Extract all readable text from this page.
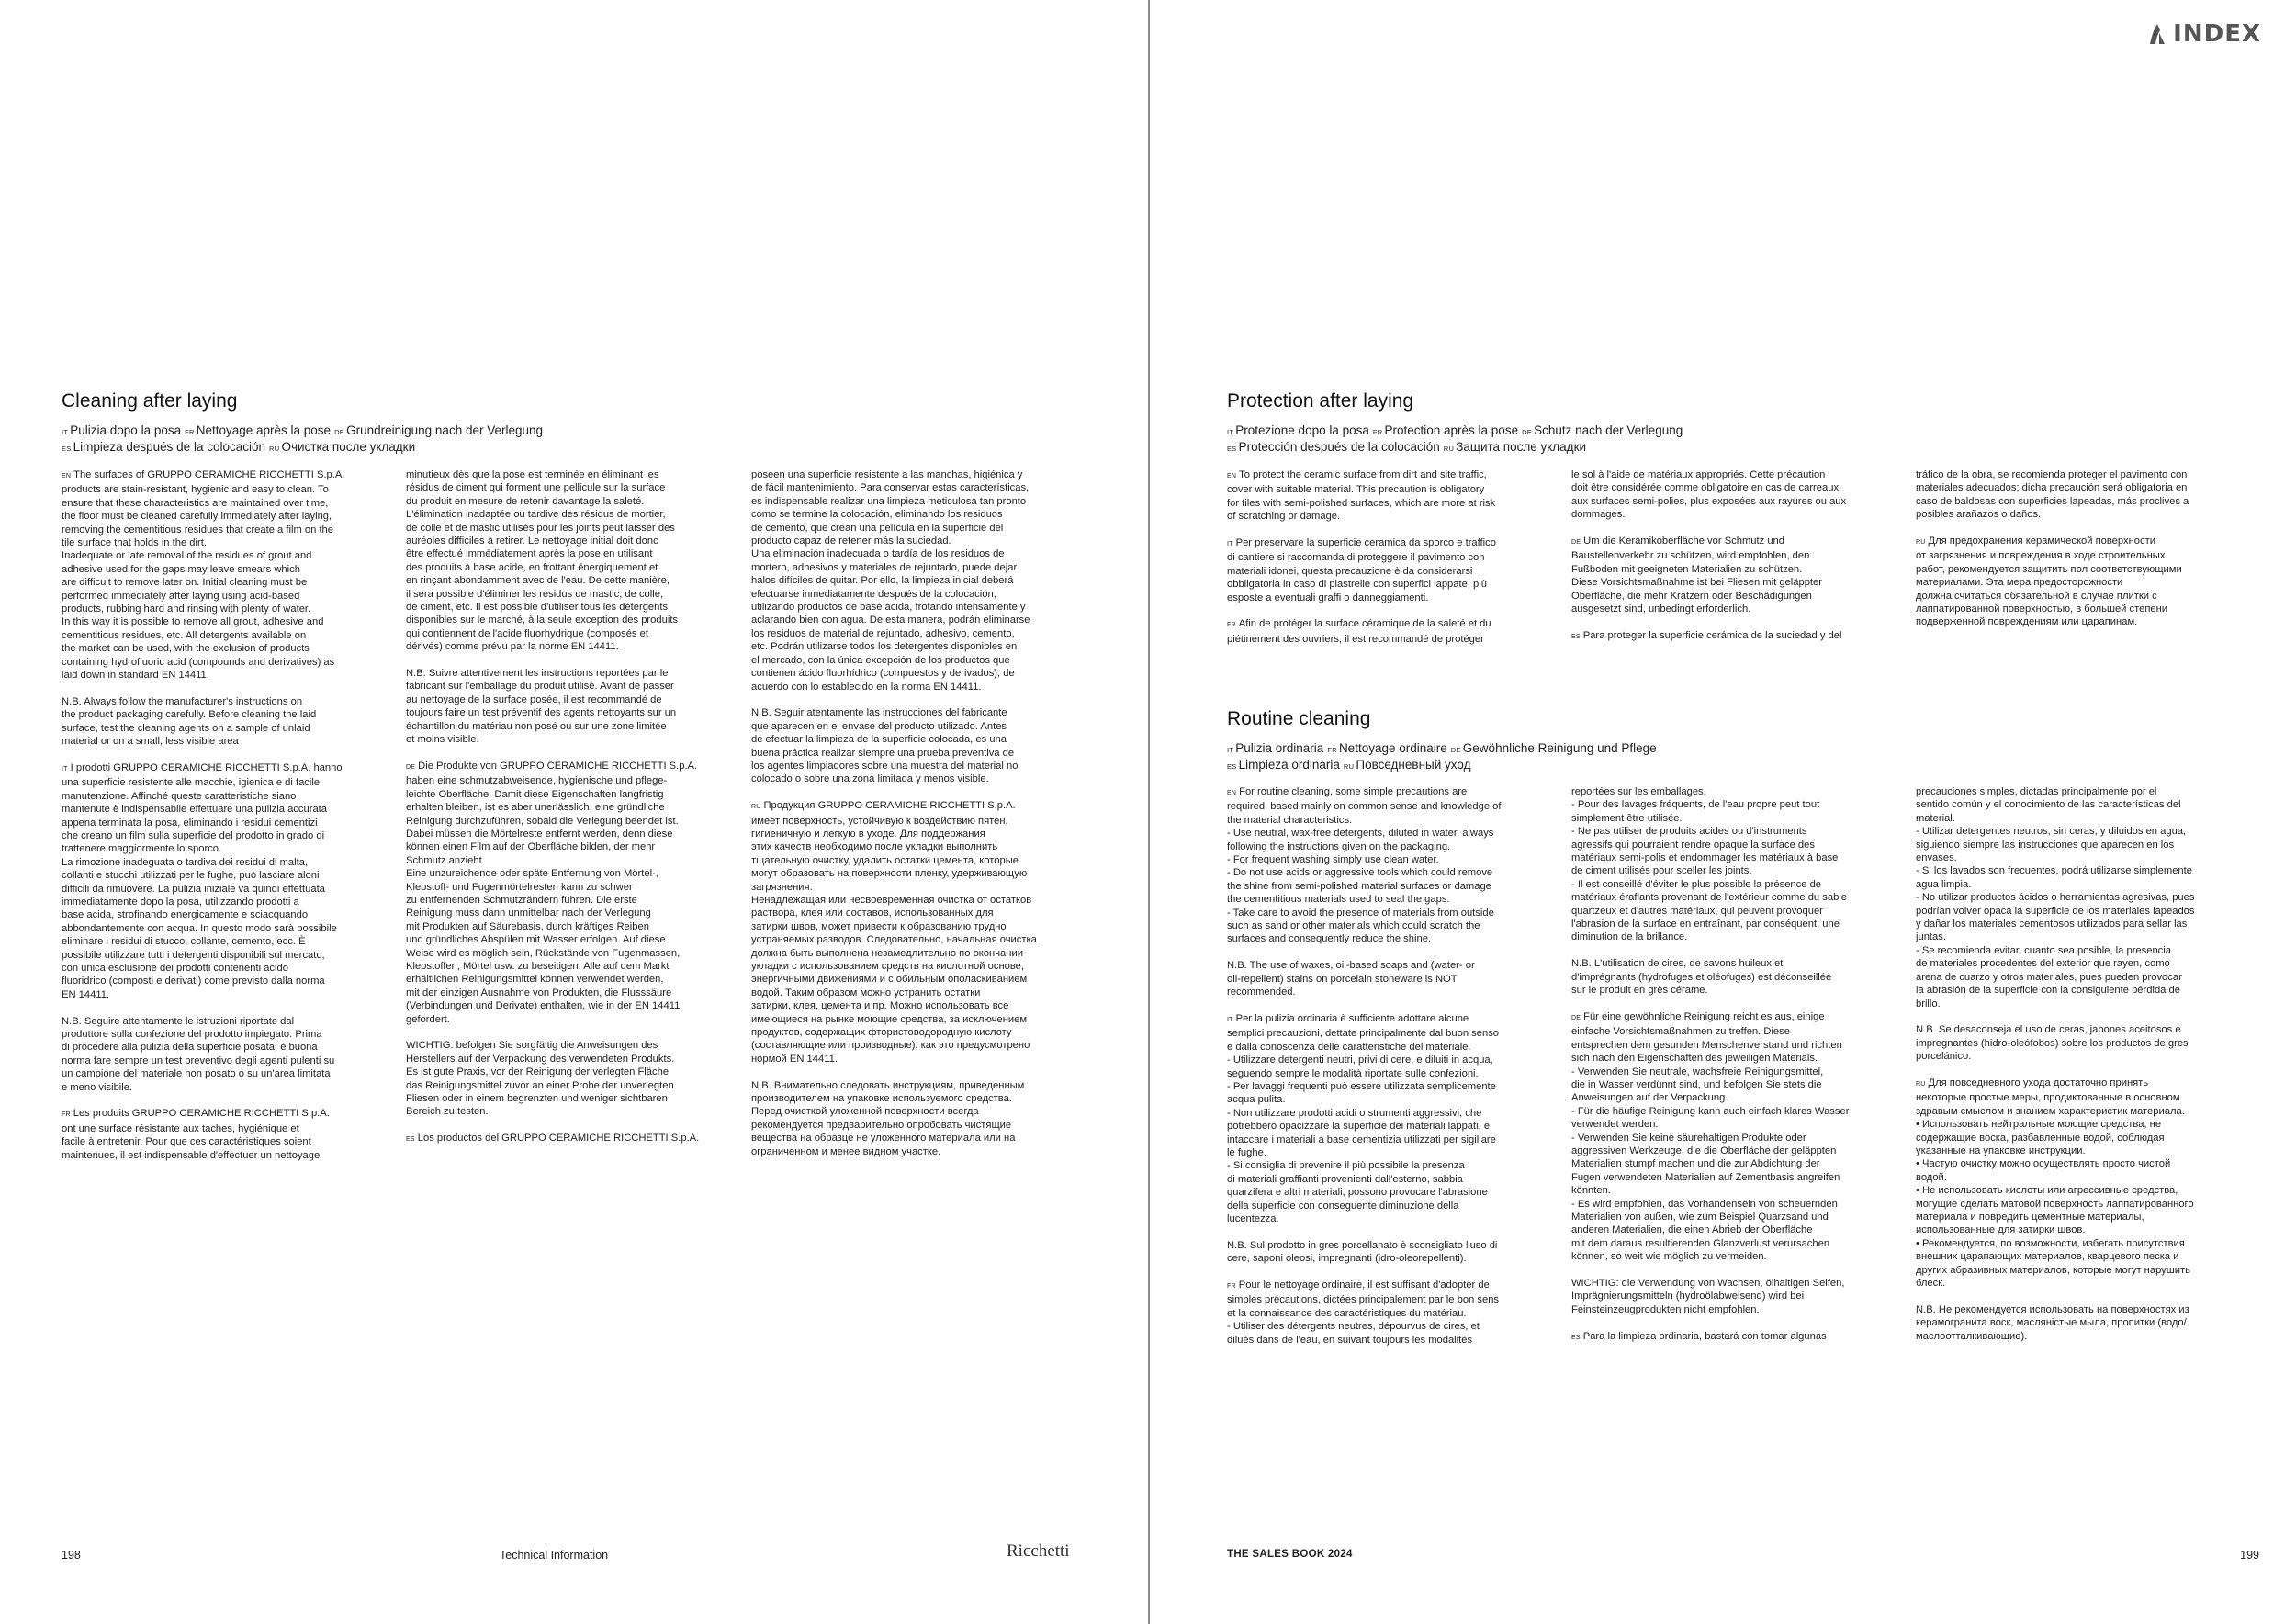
INDEX
Cleaning after laying
IT Pulizia dopo la posa FR Nettoyage après la pose DE Grundreinigung nach der Verlegung
ES Limpieza después de la colocación RU Очистка после укладки

EN The surfaces of GRUPPO CERAMICHE RICCHETTI S.p.A.
products are stain-resistant, hygienic and easy to clean. To
ensure that these characteristics are maintained over time,
the floor must be cleaned carefully immediately after laying,
removing the cementitious residues that create a film on the
tile surface that holds in the dirt.
Inadequate or late removal of the residues of grout and
adhesive used for the gaps may leave smears which
are difficult to remove later on. Initial cleaning must be
performed immediately after laying using acid-based
products, rubbing hard and rinsing with plenty of water.
In this way it is possible to remove all grout, adhesive and
cementitious residues, etc. All detergents available on
the market can be used, with the exclusion of products
containing hydrofluoric acid (compounds and derivatives) as
laid down in standard EN 14411.

N.B. Always follow the manufacturer's instructions on
the product packaging carefully. Before cleaning the laid
surface, test the cleaning agents on a sample of unlaid
material or on a small, less visible area

IT I prodotti GRUPPO CERAMICHE RICCHETTI S.p.A. hanno
una superficie resistente alle macchie, igienica e di facile
manutenzione. Affinché queste caratteristiche siano
mantenute è indispensabile effettuare una pulizia accurata
appena terminata la posa, eliminando i residui cementizi
che creano un film sulla superficie del prodotto in grado di
trattenere maggiormente lo sporco.
La rimozione inadeguata o tardiva dei residui di malta,
collanti e stucchi utilizzati per le fughe, può lasciare aloni
difficili da rimuovere. La pulizia iniziale va quindi effettuata
immediatamente dopo la posa, utilizzando prodotti a
base acida, strofinando energicamente e sciacquando
abbondantemente con acqua. In questo modo sarà possibile
eliminare i residui di stucco, collante, cemento, ecc. È
possibile utilizzare tutti i detergenti disponibili sul mercato,
con unica esclusione dei prodotti contenenti acido
fluoridrico (composti e derivati) come previsto dalla norma
EN 14411.

N.B. Seguire attentamente le istruzioni riportate dal
produttore sulla confezione del prodotto impiegato. Prima
di procedere alla pulizia della superficie posata, è buona
norma fare sempre un test preventivo degli agenti pulenti su
un campione del materiale non posato o su un'area limitata
e meno visibile.

FR Les produits GRUPPO CERAMICHE RICCHETTI S.p.A.
ont une surface résistante aux taches, hygiénique et
facile à entretenir. Pour que ces caractéristiques soient
maintenues, il est indispensable d'effectuer un nettoyage

minutieux dès que la pose est terminée en éliminant les
résidus de ciment qui forment une pellicule sur la surface
du produit en mesure de retenir davantage la saleté.
L'élimination inadaptée ou tardive des résidus de mortier,
de colle et de mastic utilisés pour les joints peut laisser des
auréoles difficiles à retirer. Le nettoyage initial doit donc
être effectué immédiatement après la pose en utilisant
des produits à base acide, en frottant énergiquement et
en rinçant abondamment avec de l'eau. De cette manière,
il sera possible d'éliminer les résidus de mastic, de colle,
de ciment, etc. Il est possible d'utiliser tous les détergents
disponibles sur le marché, à la seule exception des produits
qui contiennent de l'acide fluorhydrique (composés et
dérivés) comme prévu par la norme EN 14411.

N.B. Suivre attentivement les instructions reportées par le
fabricant sur l'emballage du produit utilisé. Avant de passer
au nettoyage de la surface posée, il est recommandé de
toujours faire un test préventif des agents nettoyants sur un
échantillon du matériau non posé ou sur une zone limitée
et moins visible.

DE Die Produkte von GRUPPO CERAMICHE RICCHETTI S.p.A.
haben eine schmutzabweisende, hygienische und pflege-
leichte Oberfläche. Damit diese Eigenschaften langfristig
erhalten bleiben, ist es aber unerlässlich, eine gründliche
Reinigung durchzuführen, sobald die Verlegung beendet ist.
Dabei müssen die Mörtelreste entfernt werden, denn diese
können einen Film auf der Oberfläche bilden, der mehr
Schmutz anzieht.
Eine unzureichende oder späte Entfernung von Mörtel-,
Klebstoff- und Fugenmörtelresten kann zu schwer
zu entfernenden Schmutzrändern führen. Die erste
Reinigung muss dann unmittelbar nach der Verlegung
mit Produkten auf Säurebasis, durch kräftiges Reiben
und gründliches Abspülen mit Wasser erfolgen. Auf diese
Weise wird es möglich sein, Rückstände von Fugenmassen,
Klebstoffen, Mörtel usw. zu beseitigen. Alle auf dem Markt
erhältlichen Reinigungsmittel können verwendet werden,
mit der einzigen Ausnahme von Produkten, die Flusssäure
(Verbindungen und Derivate) enthalten, wie in der EN 14411
gefordert.

WICHTIG: befolgen Sie sorgfältig die Anweisungen des
Herstellers auf der Verpackung des verwendeten Produkts.
Es ist gute Praxis, vor der Reinigung der verlegten Fläche
das Reinigungsmittel zuvor an einer Probe der unverlegten
Fliesen oder in einem begrenzten und weniger sichtbaren
Bereich zu testen.

ES Los productos del GRUPPO CERAMICHE RICCHETTI S.p.A.

poseen una superficie resistente a las manchas, higiénica y
de fácil mantenimiento. Para conservar estas características,
es indispensable realizar una limpieza meticulosa tan pronto
como se termine la colocación, eliminando los residuos
de cemento, que crean una película en la superficie del
producto capaz de retener más la suciedad.
Una eliminación inadecuada o tardía de los residuos de
mortero, adhesivos y materiales de rejuntado, puede dejar
halos difíciles de quitar. Por ello, la limpieza inicial deberá
efectuarse inmediatamente después de la colocación,
utilizando productos de base ácida, frotando intensamente y
aclarando bien con agua. De esta manera, podrán eliminarse
los residuos de material de rejuntado, adhesivo, cemento,
etc. Podrán utilizarse todos los detergentes disponibles en
el mercado, con la única excepción de los productos que
contienen ácido fluorhídrico (compuestos y derivados), de
acuerdo con lo establecido en la norma EN 14411.

N.B. Seguir atentamente las instrucciones del fabricante
que aparecen en el envase del producto utilizado. Antes
de efectuar la limpieza de la superficie colocada, es una
buena práctica realizar siempre una prueba preventiva de
los agentes limpiadores sobre una muestra del material no
colocado o sobre una zona limitada y menos visible.

RU Продукция GRUPPO CERAMICHE RICCHETTI S.p.A.
имеет поверхность, устойчивую к воздействию пятен,
гигиеничную и легкую в уходе. Для поддержания
этих качеств необходимо после укладки выполнить
тщательную очистку, удалить остатки цемента, которые
могут образовать на поверхности пленку, удерживающую
загрязнения.
Ненадлежащая или несвоевременная очистка от остатков
раствора, клея или составов, использованных для
затирки швов, может привести к образованию трудно
устраняемых разводов. Следовательно, начальная очистка
должна быть выполнена незамедлительно по окончании
укладки с использованием средств на кислотной основе,
энергичными движениями и с обильным ополаскиванием
водой. Таким образом можно устранить остатки
затирки, клея, цемента и пр. Можно использовать все
имеющиеся на рынке моющие средства, за исключением
продуктов, содержащих фтористоводородную кислоту
(составляющие или производные), как это предусмотрено
нормой EN 14411.

N.B. Внимательно следовать инструкциям, приведенным
производителем на упаковке используемого средства.
Перед очисткой уложенной поверхности всегда
рекомендуется предварительно опробовать чистящие
вещества на образце не уложенного материала или на
ограниченном и менее видном участке.

198	Technical Information	Ricchetti
Protection after laying
IT Protezione dopo la posa FR Protection après la pose DE Schutz nach der Verlegung
ES Protección después de la colocación RU Защита после укладки

EN To protect the ceramic surface from dirt and site traffic,
cover with suitable material. This precaution is obligatory
for tiles with semi-polished surfaces, which are more at risk
of scratching or damage.

IT Per preservare la superficie ceramica da sporco e traffico
di cantiere si raccomanda di proteggere il pavimento con
materiali idonei, questa precauzione è da considerarsi
obbligatoria in caso di piastrelle con superfici lappate, più
esposte a eventuali graffi o danneggiamenti.

FR Afin de protéger la surface céramique de la saleté et du
piétinement des ouvriers, il est recommandé de protéger

le sol à l'aide de matériaux appropriés. Cette précaution
doit être considérée comme obligatoire en cas de carreaux
aux surfaces semi-polies, plus exposées aux rayures ou aux
dommages.

DE Um die Keramikoberfläche vor Schmutz und
Baustellenverkehr zu schützen, wird empfohlen, den
Fußboden mit geeigneten Materialien zu schützen.
Diese Vorsichtsmaßnahme ist bei Fliesen mit geläppter
Oberfläche, die mehr Kratzern oder Beschädigungen
ausgesetzt sind, unbedingt erforderlich.

ES Para proteger la superficie cerámica de la suciedad y del

tráfico de la obra, se recomienda proteger el pavimento con
materiales adecuados; dicha precaución será obligatoria en
caso de baldosas con superficies lapeadas, más proclives a
posibles arañazos o daños.

RU Для предохранения керамической поверхности
от загрязнения и повреждения в ходе строительных
работ, рекомендуется защитить пол соответствующими
материалами. Эта мера предосторожности
должна считаться обязательной в случае плитки с
лаппатированной поверхностью, в большей степени
подверженной повреждениям или царапинам.

Routine cleaning
IT Pulizia ordinaria FR Nettoyage ordinaire DE Gewöhnliche Reinigung und Pflege
ES Limpieza ordinaria RU Повседневный уход

EN For routine cleaning, some simple precautions are
required, based mainly on common sense and knowledge of
the material characteristics.
- Use neutral, wax-free detergents, diluted in water, always
following the instructions given on the packaging.
- For frequent washing simply use clean water.
- Do not use acids or aggressive tools which could remove
the shine from semi-polished material surfaces or damage
the cementitious materials used to seal the gaps.
- Take care to avoid the presence of materials from outside
such as sand or other materials which could scratch the
surfaces and consequently reduce the shine.

N.B. The use of waxes, oil-based soaps and (water- or
oil-repellent) stains on porcelain stoneware is NOT
recommended.

IT Per la pulizia ordinaria è sufficiente adottare alcune
semplici precauzioni, dettate principalmente dal buon senso
e dalla conoscenza delle caratteristiche del materiale.
- Utilizzare detergenti neutri, privi di cere, e diluiti in acqua,
seguendo sempre le modalità riportate sulle confezioni.
- Per lavaggi frequenti può essere utilizzata semplicemente
acqua pulita.
- Non utilizzare prodotti acidi o strumenti aggressivi, che
potrebbero opacizzare la superficie dei materiali lappati, e
intaccare i materiali a base cementizia utilizzati per sigillare
le fughe.
- Si consiglia di prevenire il più possibile la presenza
di materiali graffianti provenienti dall'esterno, sabbia
quarzifera e altri materiali, possono provocare l'abrasione
della superficie con conseguente diminuzione della
lucentezza.

N.B. Sul prodotto in gres porcellanato è sconsigliato l'uso di
cere, saponi oleosi, impregnanti (idro-oleorepellenti).

FR Pour le nettoyage ordinaire, il est suffisant d'adopter de
simples précautions, dictées principalement par le bon sens
et la connaissance des caractéristiques du matériau.
- Utiliser des détergents neutres, dépourvus de cires, et
dilués dans de l'eau, en suivant toujours les modalités

reportées sur les emballages.
- Pour des lavages fréquents, de l'eau propre peut tout
simplement être utilisée.
- Ne pas utiliser de produits acides ou d'instruments
agressifs qui pourraient rendre opaque la surface des
matériaux semi-polis et endommager les matériaux à base
de ciment utilisés pour sceller les joints.
- Il est conseillé d'éviter le plus possible la présence de
matériaux éraflants provenant de l'extérieur comme du sable
quartzeux et d'autres matériaux, qui peuvent provoquer
l'abrasion de la surface en entraînant, par conséquent, une
diminution de la brillance.

N.B. L'utilisation de cires, de savons huileux et
d'imprégnants (hydrofuges et oléofuges) est déconseillée
sur le produit en grès cérame.

DE Für eine gewöhnliche Reinigung reicht es aus, einige
einfache Vorsichtsmaßnahmen zu treffen. Diese
entsprechen dem gesunden Menschenverstand und richten
sich nach den Eigenschaften des jeweiligen Materials.
- Verwenden Sie neutrale, wachsfreie Reinigungsmittel,
die in Wasser verdünnt sind, und befolgen Sie stets die
Anweisungen auf der Verpackung.
- Für die häufige Reinigung kann auch einfach klares Wasser
verwendet werden.
- Verwenden Sie keine säurehaltigen Produkte oder
aggressiven Werkzeuge, die die Oberfläche der geläppten
Materialien stumpf machen und die zur Abdichtung der
Fugen verwendeten Materialien auf Zementbasis angreifen
könnten.
- Es wird empfohlen, das Vorhandensein von scheuernden
Materialien von außen, wie zum Beispiel Quarzsand und
anderen Materialien, die einen Abrieb der Oberfläche
mit dem daraus resultierenden Glanzverlust verursachen
können, so weit wie möglich zu vermeiden.

WICHTIG: die Verwendung von Wachsen, ölhaltigen Seifen,
Imprägnierungsmitteln (hydroölabweisend) wird bei
Feinsteinzeugprodukten nicht empfohlen.

ES Para la limpieza ordinaria, bastará con tomar algunas

precauciones simples, dictadas principalmente por el
sentido común y el conocimiento de las características del
material.
- Utilizar detergentes neutros, sin ceras, y diluidos en agua,
siguiendo siempre las instrucciones que aparecen en los
envases.
- Si los lavados son frecuentes, podrá utilizarse simplemente
agua limpia.
- No utilizar productos ácidos o herramientas agresivas, pues
podrían volver opaca la superficie de los materiales lapeados
y dañar los materiales cementosos utilizados para sellar las
juntas.
- Se recomienda evitar, cuanto sea posible, la presencia
de materiales procedentes del exterior que rayen, como
arena de cuarzo y otros materiales, pues pueden provocar
la abrasión de la superficie con la consiguiente pérdida de
brillo.

N.B. Se desaconseja el uso de ceras, jabones aceitosos e
impregnantes (hidro-oleófobos) sobre los productos de gres
porcelánico.

RU Для повседневного ухода достаточно принять
некоторые простые меры, продиктованные в основном
здравым смыслом и знанием характеристик материала.
• Использовать нейтральные моющие средства, не
содержащие воска, разбавленные водой, соблюдая
указанные на упаковке инструкции.
• Частую очистку можно осуществлять просто чистой
водой.
• Не использовать кислоты или агрессивные средства,
могущие сделать матовой поверхность лаппатированного
материала и повредить цементные материалы,
использованные для затирки швов.
• Рекомендуется, по возможности, избегать присутствия
внешних царапающих материалов, кварцевого песка и
других абразивных материалов, которые могут нарушить
блеск.

N.B. Не рекомендуется использовать на поверхностях из
керамогранита воск, масляністые мыла, пропитки (водо/
маслоотталкивающие).

THE SALES BOOK 2024	199
